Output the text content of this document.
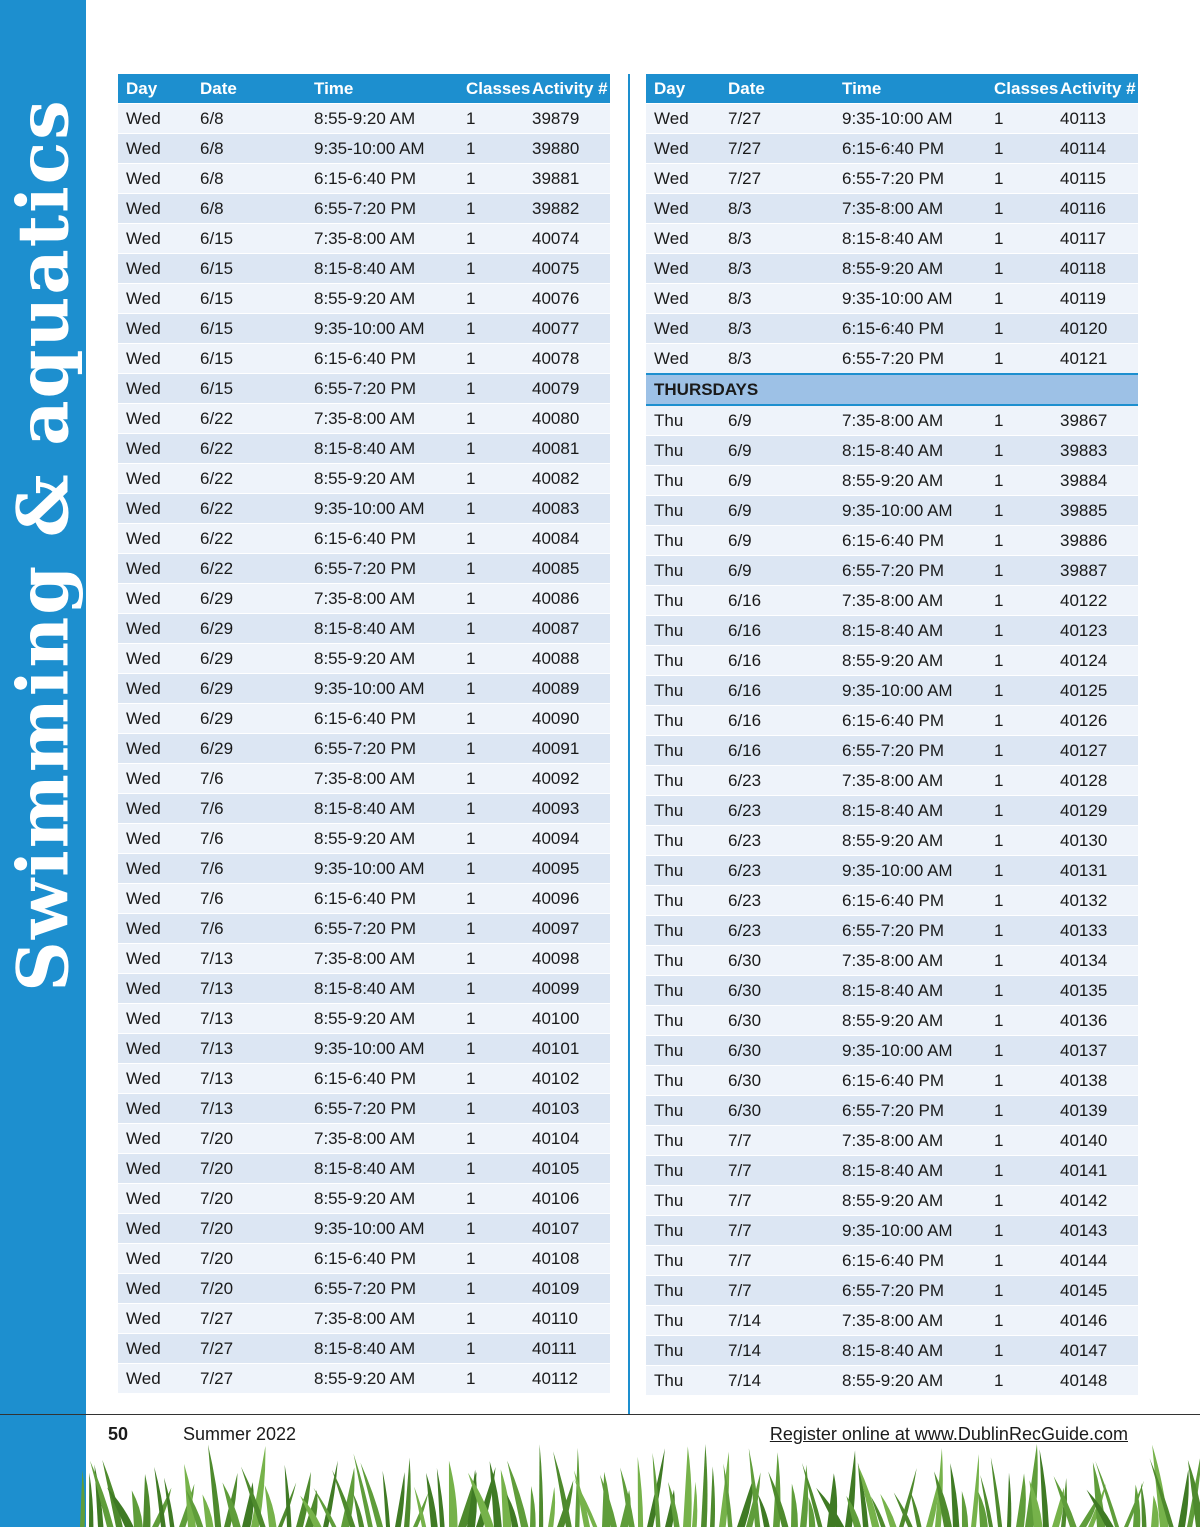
Swimming & aquatics
Day	Date	Time	Classes	Activity #
Wed	6/8	8:55-9:20 AM	1	39879
Wed	6/8	9:35-10:00 AM	1	39880
Wed	6/8	6:15-6:40 PM	1	39881
Wed	6/8	6:55-7:20 PM	1	39882
Wed	6/15	7:35-8:00 AM	1	40074
Wed	6/15	8:15-8:40 AM	1	40075
Wed	6/15	8:55-9:20 AM	1	40076
Wed	6/15	9:35-10:00 AM	1	40077
Wed	6/15	6:15-6:40 PM	1	40078
Wed	6/15	6:55-7:20 PM	1	40079
Wed	6/22	7:35-8:00 AM	1	40080
Wed	6/22	8:15-8:40 AM	1	40081
Wed	6/22	8:55-9:20 AM	1	40082
Wed	6/22	9:35-10:00 AM	1	40083
Wed	6/22	6:15-6:40 PM	1	40084
Wed	6/22	6:55-7:20 PM	1	40085
Wed	6/29	7:35-8:00 AM	1	40086
Wed	6/29	8:15-8:40 AM	1	40087
Wed	6/29	8:55-9:20 AM	1	40088
Wed	6/29	9:35-10:00 AM	1	40089
Wed	6/29	6:15-6:40 PM	1	40090
Wed	6/29	6:55-7:20 PM	1	40091
Wed	7/6	7:35-8:00 AM	1	40092
Wed	7/6	8:15-8:40 AM	1	40093
Wed	7/6	8:55-9:20 AM	1	40094
Wed	7/6	9:35-10:00 AM	1	40095
Wed	7/6	6:15-6:40 PM	1	40096
Wed	7/6	6:55-7:20 PM	1	40097
Wed	7/13	7:35-8:00 AM	1	40098
Wed	7/13	8:15-8:40 AM	1	40099
Wed	7/13	8:55-9:20 AM	1	40100
Wed	7/13	9:35-10:00 AM	1	40101
Wed	7/13	6:15-6:40 PM	1	40102
Wed	7/13	6:55-7:20 PM	1	40103
Wed	7/20	7:35-8:00 AM	1	40104
Wed	7/20	8:15-8:40 AM	1	40105
Wed	7/20	8:55-9:20 AM	1	40106
Wed	7/20	9:35-10:00 AM	1	40107
Wed	7/20	6:15-6:40 PM	1	40108
Wed	7/20	6:55-7:20 PM	1	40109
Wed	7/27	7:35-8:00 AM	1	40110
Wed	7/27	8:15-8:40 AM	1	40111
Wed	7/27	8:55-9:20 AM	1	40112
Day	Date	Time	Classes	Activity #
Wed	7/27	9:35-10:00 AM	1	40113
Wed	7/27	6:15-6:40 PM	1	40114
Wed	7/27	6:55-7:20 PM	1	40115
Wed	8/3	7:35-8:00 AM	1	40116
Wed	8/3	8:15-8:40 AM	1	40117
Wed	8/3	8:55-9:20 AM	1	40118
Wed	8/3	9:35-10:00 AM	1	40119
Wed	8/3	6:15-6:40 PM	1	40120
Wed	8/3	6:55-7:20 PM	1	40121
THURSDAYS				
Thu	6/9	7:35-8:00 AM	1	39867
Thu	6/9	8:15-8:40 AM	1	39883
Thu	6/9	8:55-9:20 AM	1	39884
Thu	6/9	9:35-10:00 AM	1	39885
Thu	6/9	6:15-6:40 PM	1	39886
Thu	6/9	6:55-7:20 PM	1	39887
Thu	6/16	7:35-8:00 AM	1	40122
Thu	6/16	8:15-8:40 AM	1	40123
Thu	6/16	8:55-9:20 AM	1	40124
Thu	6/16	9:35-10:00 AM	1	40125
Thu	6/16	6:15-6:40 PM	1	40126
Thu	6/16	6:55-7:20 PM	1	40127
Thu	6/23	7:35-8:00 AM	1	40128
Thu	6/23	8:15-8:40 AM	1	40129
Thu	6/23	8:55-9:20 AM	1	40130
Thu	6/23	9:35-10:00 AM	1	40131
Thu	6/23	6:15-6:40 PM	1	40132
Thu	6/23	6:55-7:20 PM	1	40133
Thu	6/30	7:35-8:00 AM	1	40134
Thu	6/30	8:15-8:40 AM	1	40135
Thu	6/30	8:55-9:20 AM	1	40136
Thu	6/30	9:35-10:00 AM	1	40137
Thu	6/30	6:15-6:40 PM	1	40138
Thu	6/30	6:55-7:20 PM	1	40139
Thu	7/7	7:35-8:00 AM	1	40140
Thu	7/7	8:15-8:40 AM	1	40141
Thu	7/7	8:55-9:20 AM	1	40142
Thu	7/7	9:35-10:00 AM	1	40143
Thu	7/7	6:15-6:40 PM	1	40144
Thu	7/7	6:55-7:20 PM	1	40145
Thu	7/14	7:35-8:00 AM	1	40146
Thu	7/14	8:15-8:40 AM	1	40147
Thu	7/14	8:55-9:20 AM	1	40148
50	Summer 2022	Register online at www.DublinRecGuide.com
